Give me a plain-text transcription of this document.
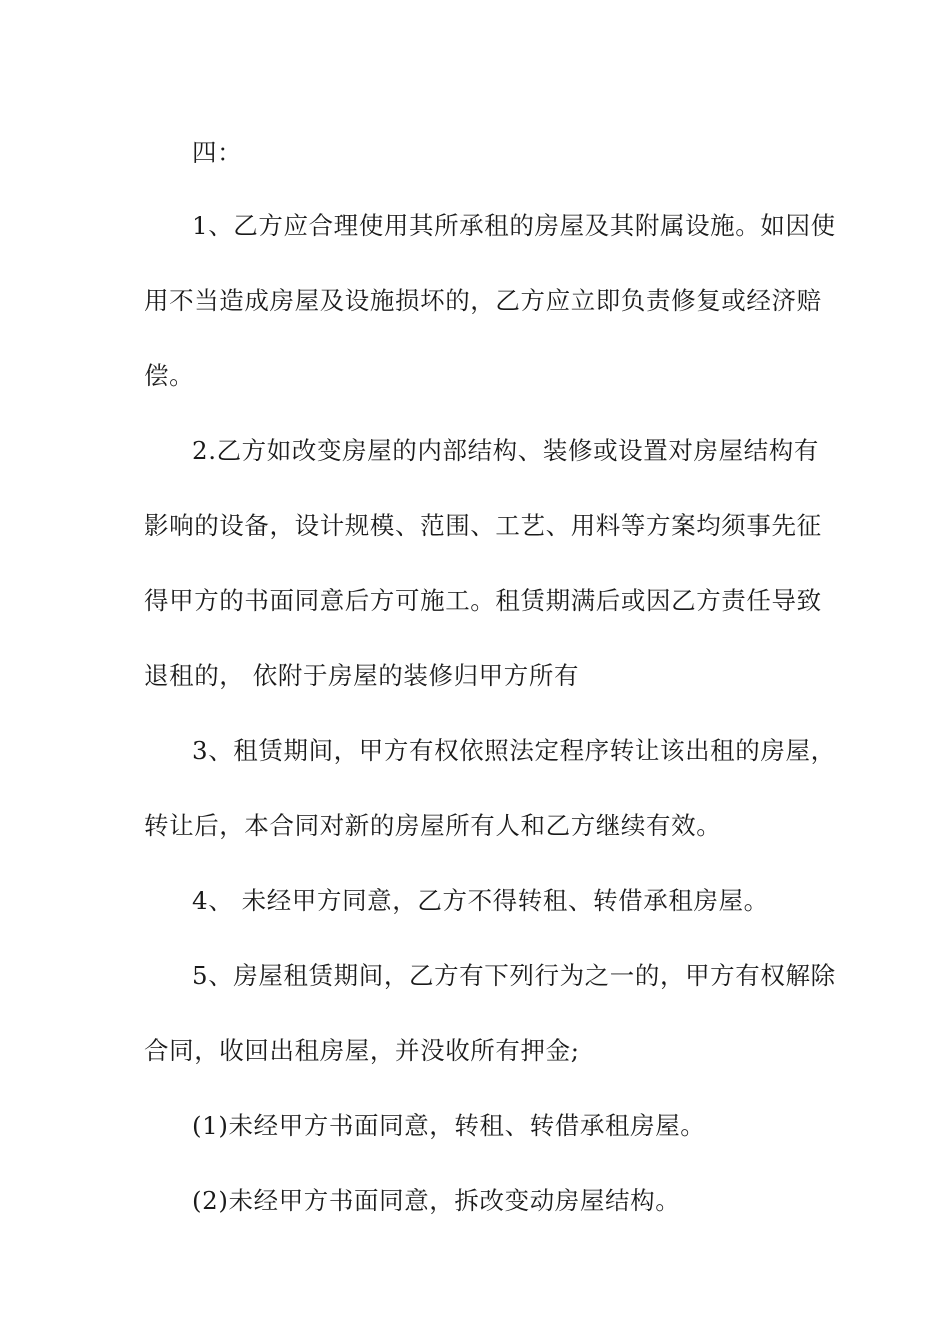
四：
1、乙方应合理使用其所承租的房屋及其附属设施。如因使
用不当造成房屋及设施损坏的，乙方应立即负责修复或经济赔
偿。
2.乙方如改变房屋的内部结构、装修或设置对房屋结构有
影响的设备，设计规模、范围、工艺、用料等方案均须事先征
得甲方的书面同意后方可施工。租赁期满后或因乙方责任导致
退租的， 依附于房屋的装修归甲方所有
3、租赁期间，甲方有权依照法定程序转让该出租的房屋，
转让后，本合同对新的房屋所有人和乙方继续有效。
4、 未经甲方同意，乙方不得转租、转借承租房屋。
5、房屋租赁期间，乙方有下列行为之一的，甲方有权解除
合同，收回出租房屋，并没收所有押金;
(1)未经甲方书面同意，转租、转借承租房屋。
(2)未经甲方书面同意，拆改变动房屋结构。
